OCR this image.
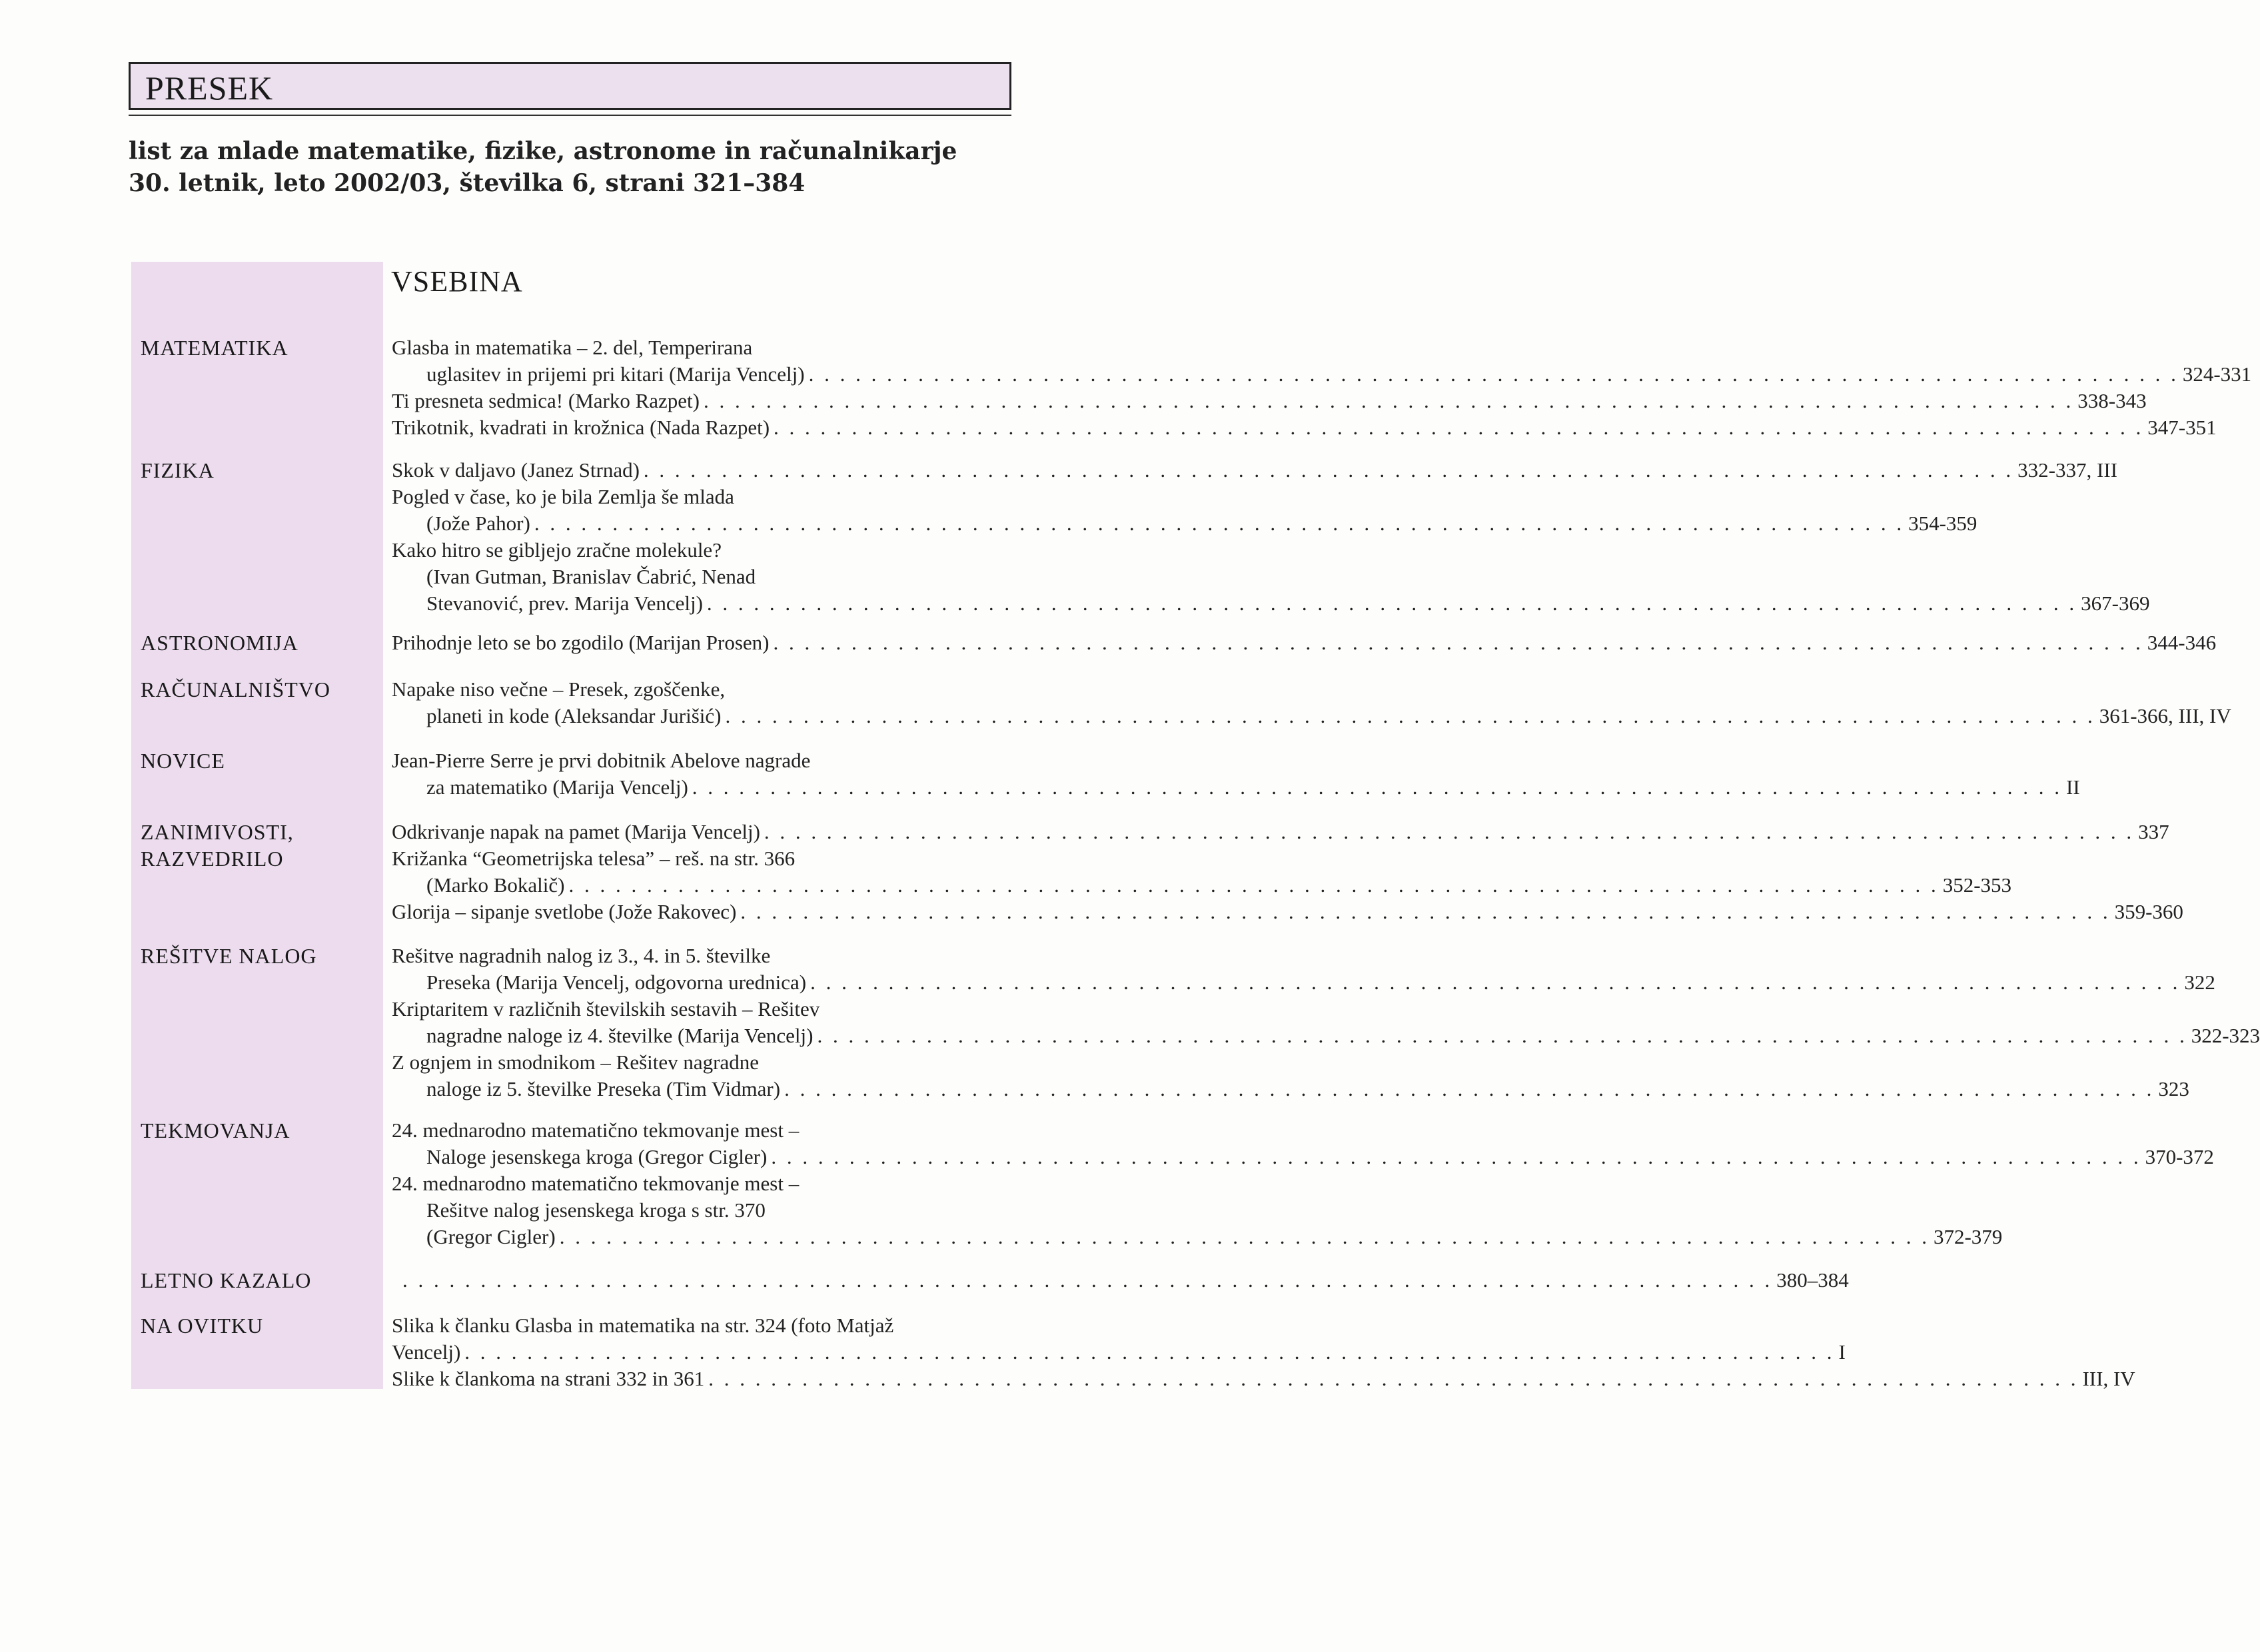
PRESEK
list za mlade matematike, fizike, astronome in računalnikarje
30. letnik, leto 2002/03, številka 6, strani 321–384
VSEBINA
MATEMATIKA	Glasba in matematika – 2. del, Temperirana
uglasitev in prijemi pri kitari (Marija Vencelj) . . . . . . . . . . . . . . . . . . . . . . . . . . . . . . . . . . . . . . . . . . . . . . . . . . . . . . . . . . . . . . . . . . . . . . . . . . . . . . . . . . . . . . . . 324-331
Ti presneta sedmica! (Marko Razpet) . . . . . . . . . . . . . . . . . . . . . . . . . . . . . . . . . . . . . . . . . . . . . . . . . . . . . . . . . . . . . . . . . . . . . . . . . . . . . . . . . . . . . . . . 338-343
Trikotnik, kvadrati in krožnica (Nada Razpet) . . . . . . . . . . . . . . . . . . . . . . . . . . . . . . . . . . . . . . . . . . . . . . . . . . . . . . . . . . . . . . . . . . . . . . . . . . . . . . . . . . . . . . . . 347-351
FIZIKA	Skok v daljavo (Janez Strnad) . . . . . . . . . . . . . . . . . . . . . . . . . . . . . . . . . . . . . . . . . . . . . . . . . . . . . . . . . . . . . . . . . . . . . . . . . . . . . . . . . . . . . . . . 332-337, III
Pogled v čase, ko je bila Zemlja še mlada
(Jože Pahor) . . . . . . . . . . . . . . . . . . . . . . . . . . . . . . . . . . . . . . . . . . . . . . . . . . . . . . . . . . . . . . . . . . . . . . . . . . . . . . . . . . . . . . . . 354-359
Kako hitro se gibljejo zračne molekule?
(Ivan Gutman, Branislav Čabrić, Nenad
Stevanović, prev. Marija Vencelj) . . . . . . . . . . . . . . . . . . . . . . . . . . . . . . . . . . . . . . . . . . . . . . . . . . . . . . . . . . . . . . . . . . . . . . . . . . . . . . . . . . . . . . . . 367-369
ASTRONOMIJA	Prihodnje leto se bo zgodilo (Marijan Prosen) . . . . . . . . . . . . . . . . . . . . . . . . . . . . . . . . . . . . . . . . . . . . . . . . . . . . . . . . . . . . . . . . . . . . . . . . . . . . . . . . . . . . . . . . 344-346
RAČUNALNIŠTVO	Napake niso večne – Presek, zgoščenke,
planeti in kode (Aleksandar Jurišić) . . . . . . . . . . . . . . . . . . . . . . . . . . . . . . . . . . . . . . . . . . . . . . . . . . . . . . . . . . . . . . . . . . . . . . . . . . . . . . . . . . . . . . . . 361-366, III, IV
NOVICE	Jean-Pierre Serre je prvi dobitnik Abelove nagrade
za matematiko (Marija Vencelj) . . . . . . . . . . . . . . . . . . . . . . . . . . . . . . . . . . . . . . . . . . . . . . . . . . . . . . . . . . . . . . . . . . . . . . . . . . . . . . . . . . . . . . . . II
ZANIMIVOSTI,
RAZVEDRILO
Odkrivanje napak na pamet (Marija Vencelj) . . . . . . . . . . . . . . . . . . . . . . . . . . . . . . . . . . . . . . . . . . . . . . . . . . . . . . . . . . . . . . . . . . . . . . . . . . . . . . . . . . . . . . . . 337
Križanka “Geometrijska telesa” – reš. na str. 366
(Marko Bokalič) . . . . . . . . . . . . . . . . . . . . . . . . . . . . . . . . . . . . . . . . . . . . . . . . . . . . . . . . . . . . . . . . . . . . . . . . . . . . . . . . . . . . . . . . 352-353
Glorija – sipanje svetlobe (Jože Rakovec) . . . . . . . . . . . . . . . . . . . . . . . . . . . . . . . . . . . . . . . . . . . . . . . . . . . . . . . . . . . . . . . . . . . . . . . . . . . . . . . . . . . . . . . . 359-360
REŠITVE NALOG	Rešitve nagradnih nalog iz 3., 4. in 5. številke
Preseka (Marija Vencelj, odgovorna urednica) . . . . . . . . . . . . . . . . . . . . . . . . . . . . . . . . . . . . . . . . . . . . . . . . . . . . . . . . . . . . . . . . . . . . . . . . . . . . . . . . . . . . . . . . 322
Kriptaritem v različnih številskih sestavih – Rešitev
nagradne naloge iz 4. številke (Marija Vencelj) . . . . . . . . . . . . . . . . . . . . . . . . . . . . . . . . . . . . . . . . . . . . . . . . . . . . . . . . . . . . . . . . . . . . . . . . . . . . . . . . . . . . . . . . 322-323
Z ognjem in smodnikom – Rešitev nagradne
naloge iz 5. številke Preseka (Tim Vidmar) . . . . . . . . . . . . . . . . . . . . . . . . . . . . . . . . . . . . . . . . . . . . . . . . . . . . . . . . . . . . . . . . . . . . . . . . . . . . . . . . . . . . . . . . 323
TEKMOVANJA	24. mednarodno matematično tekmovanje mest –
Naloge jesenskega kroga (Gregor Cigler) . . . . . . . . . . . . . . . . . . . . . . . . . . . . . . . . . . . . . . . . . . . . . . . . . . . . . . . . . . . . . . . . . . . . . . . . . . . . . . . . . . . . . . . . 370-372
24. mednarodno matematično tekmovanje mest –
Rešitve nalog jesenskega kroga s str. 370
(Gregor Cigler) . . . . . . . . . . . . . . . . . . . . . . . . . . . . . . . . . . . . . . . . . . . . . . . . . . . . . . . . . . . . . . . . . . . . . . . . . . . . . . . . . . . . . . . . 372-379
LETNO KAZALO	. . . . . . . . . . . . . . . . . . . . . . . . . . . . . . . . . . . . . . . . . . . . . . . . . . . . . . . . . . . . . . . . . . . . . . . . . . . . . . . . . . . . . . . . 380–384
NA OVITKU	Slika k članku Glasba in matematika na str. 324 (foto Matjaž
Vencelj) . . . . . . . . . . . . . . . . . . . . . . . . . . . . . . . . . . . . . . . . . . . . . . . . . . . . . . . . . . . . . . . . . . . . . . . . . . . . . . . . . . . . . . . . I
Slike k člankoma na strani 332 in 361 . . . . . . . . . . . . . . . . . . . . . . . . . . . . . . . . . . . . . . . . . . . . . . . . . . . . . . . . . . . . . . . . . . . . . . . . . . . . . . . . . . . . . . . . III, IV
